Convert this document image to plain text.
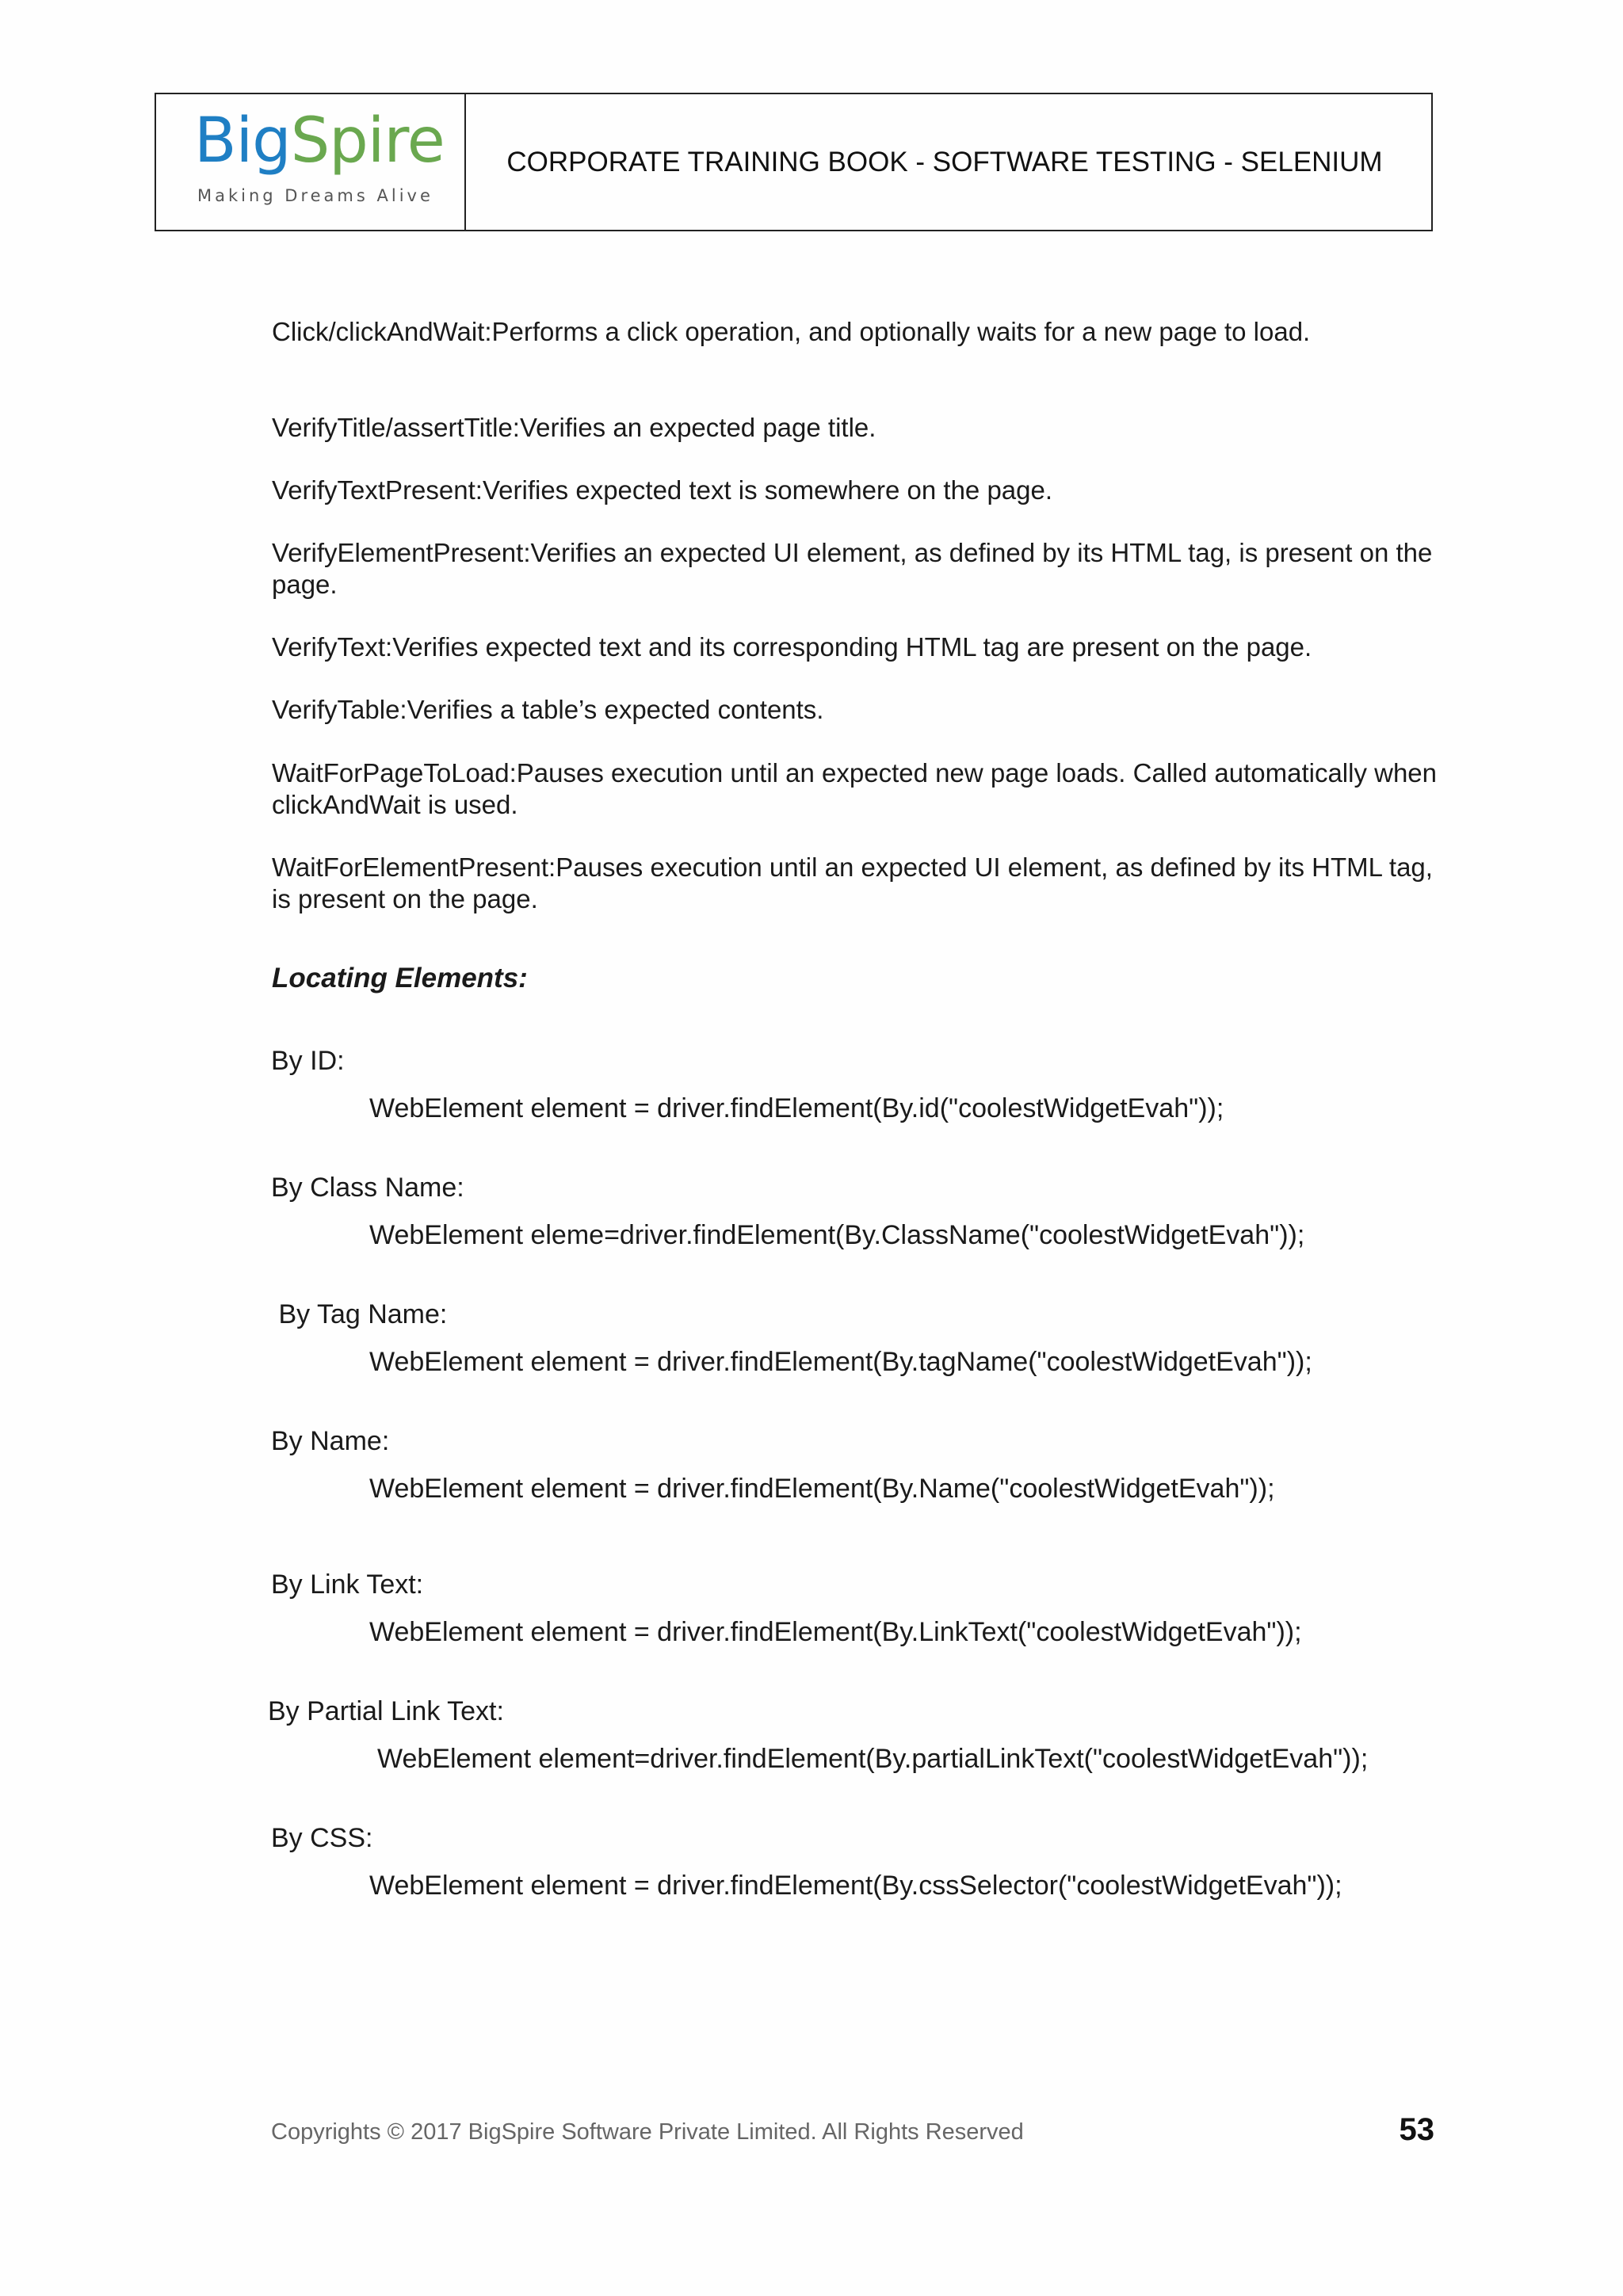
BigSpire
Making Dreams Alive
CORPORATE TRAINING BOOK - SOFTWARE TESTING - SELENIUM

Click/clickAndWait:Performs a click operation, and optionally waits for a new page to load.

VerifyTitle/assertTitle:Verifies an expected page title.

VerifyTextPresent:Verifies expected text is somewhere on the page.

VerifyElementPresent:Verifies an expected UI element, as defined by its HTML tag, is present on the page.

VerifyText:Verifies expected text and its corresponding HTML tag are present on the page.

VerifyTable:Verifies a table’s expected contents.

WaitForPageToLoad:Pauses execution until an expected new page loads. Called automatically when clickAndWait is used.

WaitForElementPresent:Pauses execution until an expected UI element, as defined by its HTML tag, is present on the page.

Locating Elements:

By ID:

WebElement element = driver.findElement(By.id("coolestWidgetEvah"));

By Class Name:

WebElement eleme=driver.findElement(By.ClassName("coolestWidgetEvah"));

By Tag Name:

WebElement element = driver.findElement(By.tagName("coolestWidgetEvah"));

By Name:

WebElement element = driver.findElement(By.Name("coolestWidgetEvah"));

By Link Text:

WebElement element = driver.findElement(By.LinkText("coolestWidgetEvah"));

By Partial Link Text:

WebElement element=driver.findElement(By.partialLinkText("coolestWidgetEvah"));

By CSS:

WebElement element = driver.findElement(By.cssSelector("coolestWidgetEvah"));

Copyrights © 2017 BigSpire Software Private Limited. All Rights Reserved	53
